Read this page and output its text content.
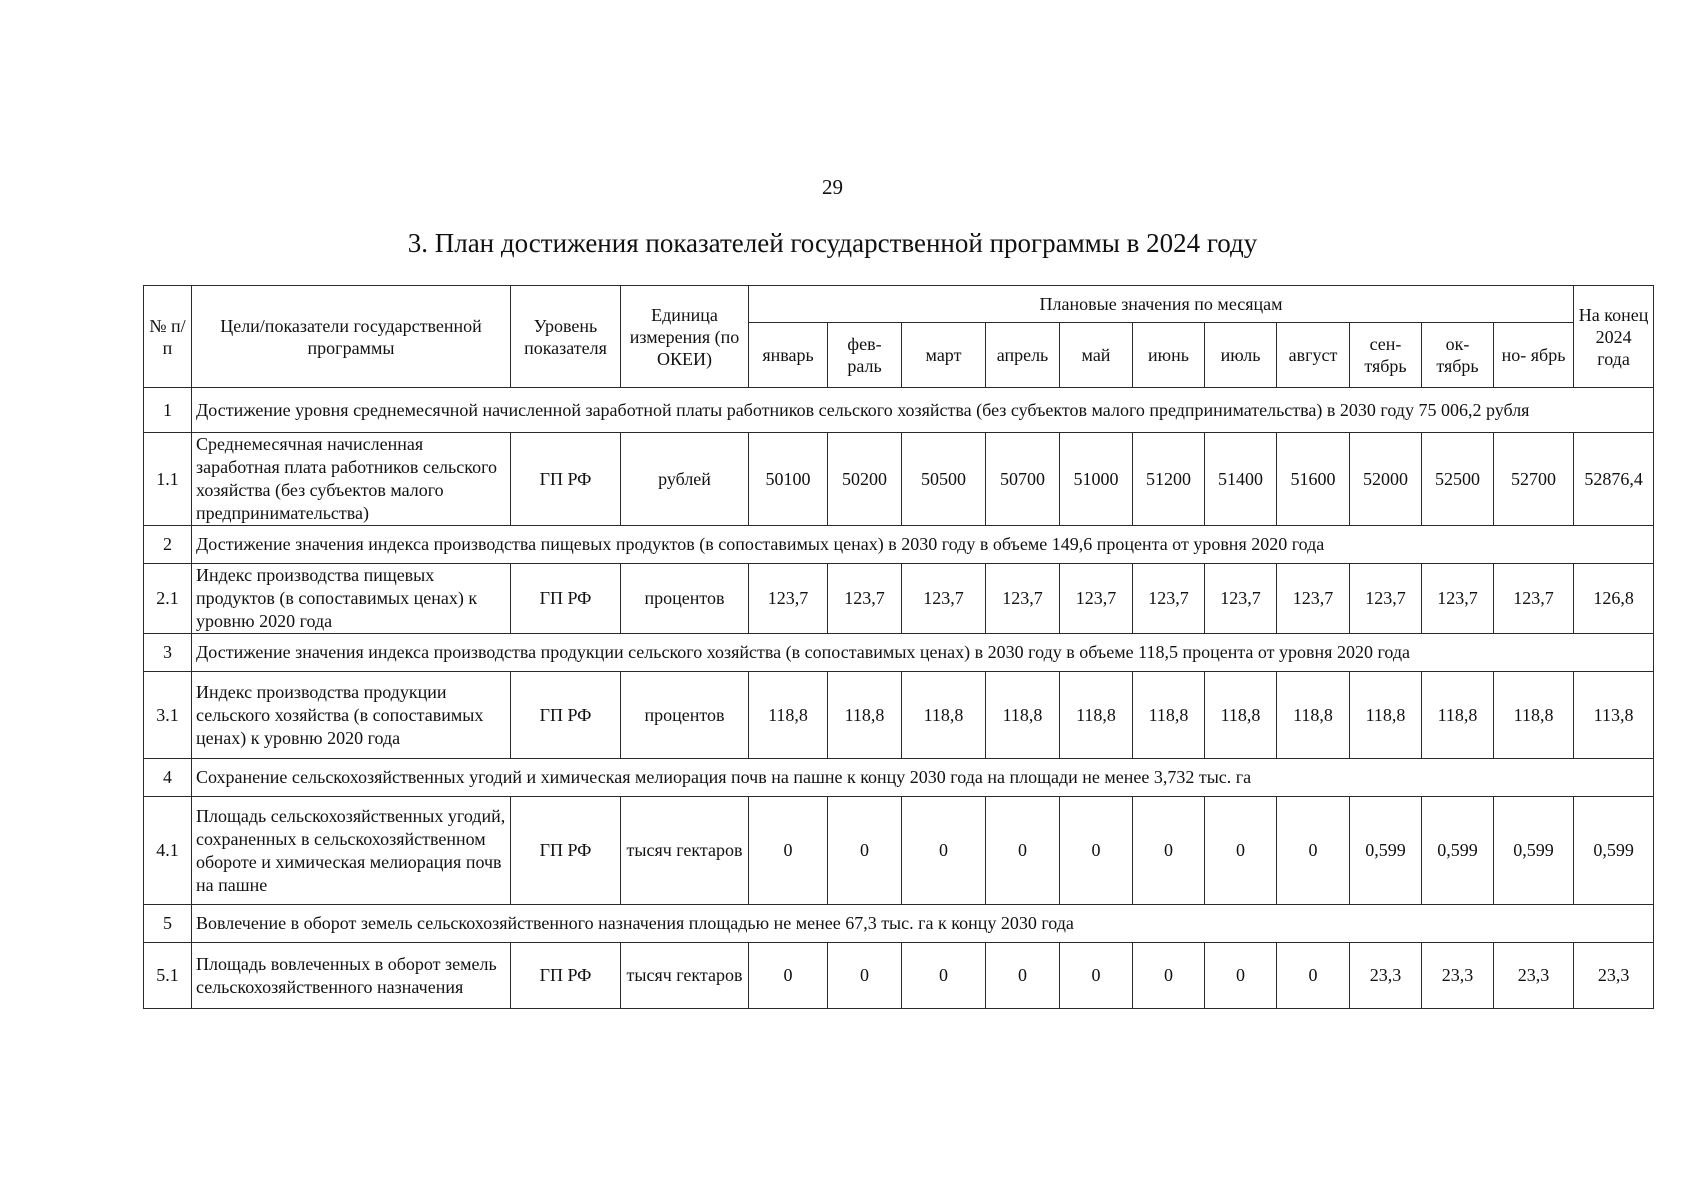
29
3. План достижения показателей государственной программы в 2024 году
№ п/п	Цели/показатели государственной программы	Уровень показателя	Единица измерения (по ОКЕИ)	Плановые значения по месяцам											На конец 2024 года
				январь	фев- раль	март	апрель	май	июнь	июль	август	сен- тябрь	ок- тябрь	но- ябрь	
1	Достижение уровня среднемесячной начисленной заработной платы работников сельского хозяйства (без субъектов малого предпринимательства) в 2030 году 75 006,2 рубля														
1.1	Среднемесячная начисленная заработная плата работников сельского хозяйства (без субъектов малого предпринимательства)	ГП РФ	рублей	50100	50200	50500	50700	51000	51200	51400	51600	52000	52500	52700	52876,4
2	Достижение значения индекса производства пищевых продуктов (в сопоставимых ценах) в 2030 году в объеме 149,6 процента от уровня 2020 года														
2.1	Индекс производства пищевых продуктов (в сопоставимых ценах) к уровню 2020 года	ГП РФ	процентов	123,7	123,7	123,7	123,7	123,7	123,7	123,7	123,7	123,7	123,7	123,7	126,8
3	Достижение значения индекса производства продукции сельского хозяйства (в сопоставимых ценах) в 2030 году в объеме 118,5 процента от уровня 2020 года														
3.1	Индекс производства продукции сельского хозяйства (в сопоставимых ценах) к уровню 2020 года	ГП РФ	процентов	118,8	118,8	118,8	118,8	118,8	118,8	118,8	118,8	118,8	118,8	118,8	113,8
4	Сохранение сельскохозяйственных угодий и химическая мелиорация почв на пашне к концу 2030 года на площади не менее 3,732 тыс. га														
4.1	Площадь сельскохозяйственных угодий, сохраненных в сельскохозяйственном обороте и химическая мелиорация почв на пашне	ГП РФ	тысяч гектаров	0	0	0	0	0	0	0	0	0,599	0,599	0,599	0,599
5	Вовлечение в оборот земель сельскохозяйственного назначения площадью не менее 67,3 тыс. га к концу 2030 года														
5.1	Площадь вовлеченных в оборот земель сельскохозяйственного назначения	ГП РФ	тысяч гектаров	0	0	0	0	0	0	0	0	23,3	23,3	23,3	23,3
